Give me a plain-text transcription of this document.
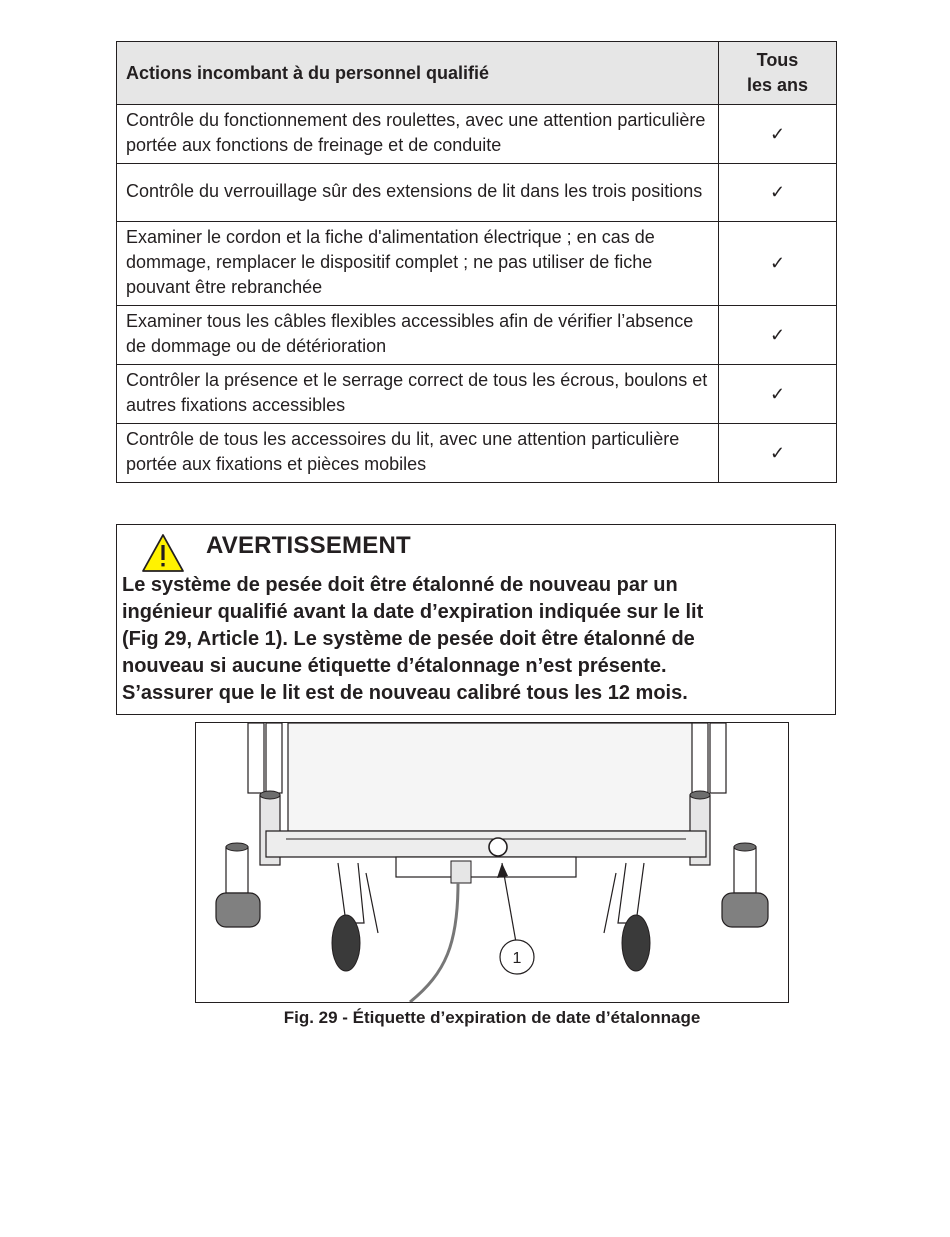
Actions incombant à du personnel qualifié	Tous
les ans
Contrôle du fonctionnement des roulettes, avec une attention particulière portée aux fonctions de freinage et de conduite	✓
Contrôle du verrouillage sûr des extensions de lit dans les trois positions	✓
Examiner le cordon et la fiche d'alimentation électrique ; en cas de dommage, remplacer le dispositif complet ; ne pas utiliser de fiche pouvant être rebranchée	✓
Examiner tous les câbles flexibles accessibles afin de vérifier l’absence de dommage ou de détérioration	✓
Contrôler la présence et le serrage correct de tous les écrous, boulons et autres fixations accessibles	✓
Contrôle de tous les accessoires du lit, avec une attention particulière portée aux fixations et pièces mobiles	✓
AVERTISSEMENT

Le système de pesée doit être étalonné de nouveau par un

ingénieur qualifié avant la date d’expiration indiquée sur le lit

(Fig 29, Article 1). Le système de pesée doit être étalonné de

nouveau si aucune étiquette d’étalonnage n’est présente.

S’assurer que le lit est de nouveau calibré tous les 12 mois.

1
Fig. 29 - Étiquette d’expiration de date d’étalonnage
